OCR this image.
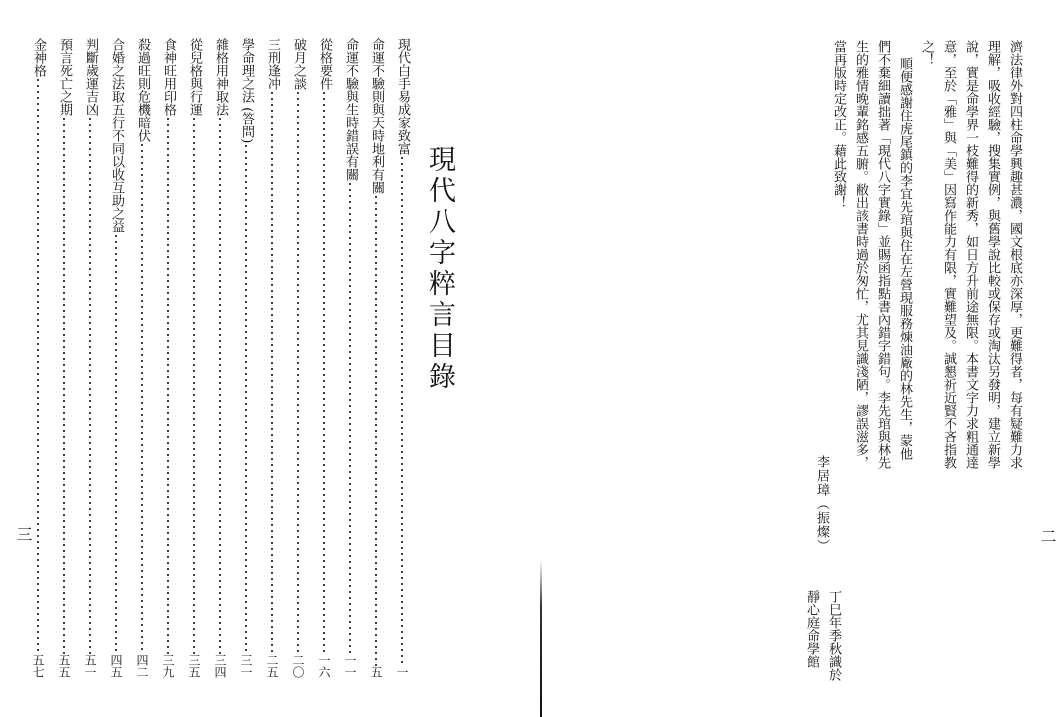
現代八字粹言目錄
現代白手易成家致富
一
命運不驗則與天時地利有關
五
命運不驗與生時錯誤有關
一一
從格要件
一六
破月之談
二〇
三刑逢冲
二五
學命理之法 (答問)
三一
雜格用神取法
三四
從兒格與行運
三五
食神旺用印格
三九
殺過旺則危機暗伏
四二
合婚之法取五行不同以收互助之益
四五
判斷歲運吉凶
五一
預言死亡之期
五五
金神格
五七
三

濟法律外對四柱命學興趣甚濃，國文根底亦深厚，更難得者，每有疑難力求理解，吸收經驗，搜集實例，與舊學說比較或保存或淘汰另發明，建立新學說，實是命學界一枝難得的新秀，如日方升前途無限。本書文字力求粗通達意，至於「雅」與「美」因寫作能力有限，實難望及。誠懇祈近賢不吝指教之！

順便感謝住虎尾鎮的李宜先琯與住在左營現服務煉油廠的林先生，蒙他們不棄細讀拙著「現代八字實錄」並賜函指點書內錯字錯句。李先琯與林先生的雅情晚輩銘感五腑。敝出該書時過於匆忙，尤其見識淺陋，謬誤滋多，當再版時定改正。藉此致謝！

李居璋（振燦）
丁巳年季秋識於
靜心庭命學館
二
